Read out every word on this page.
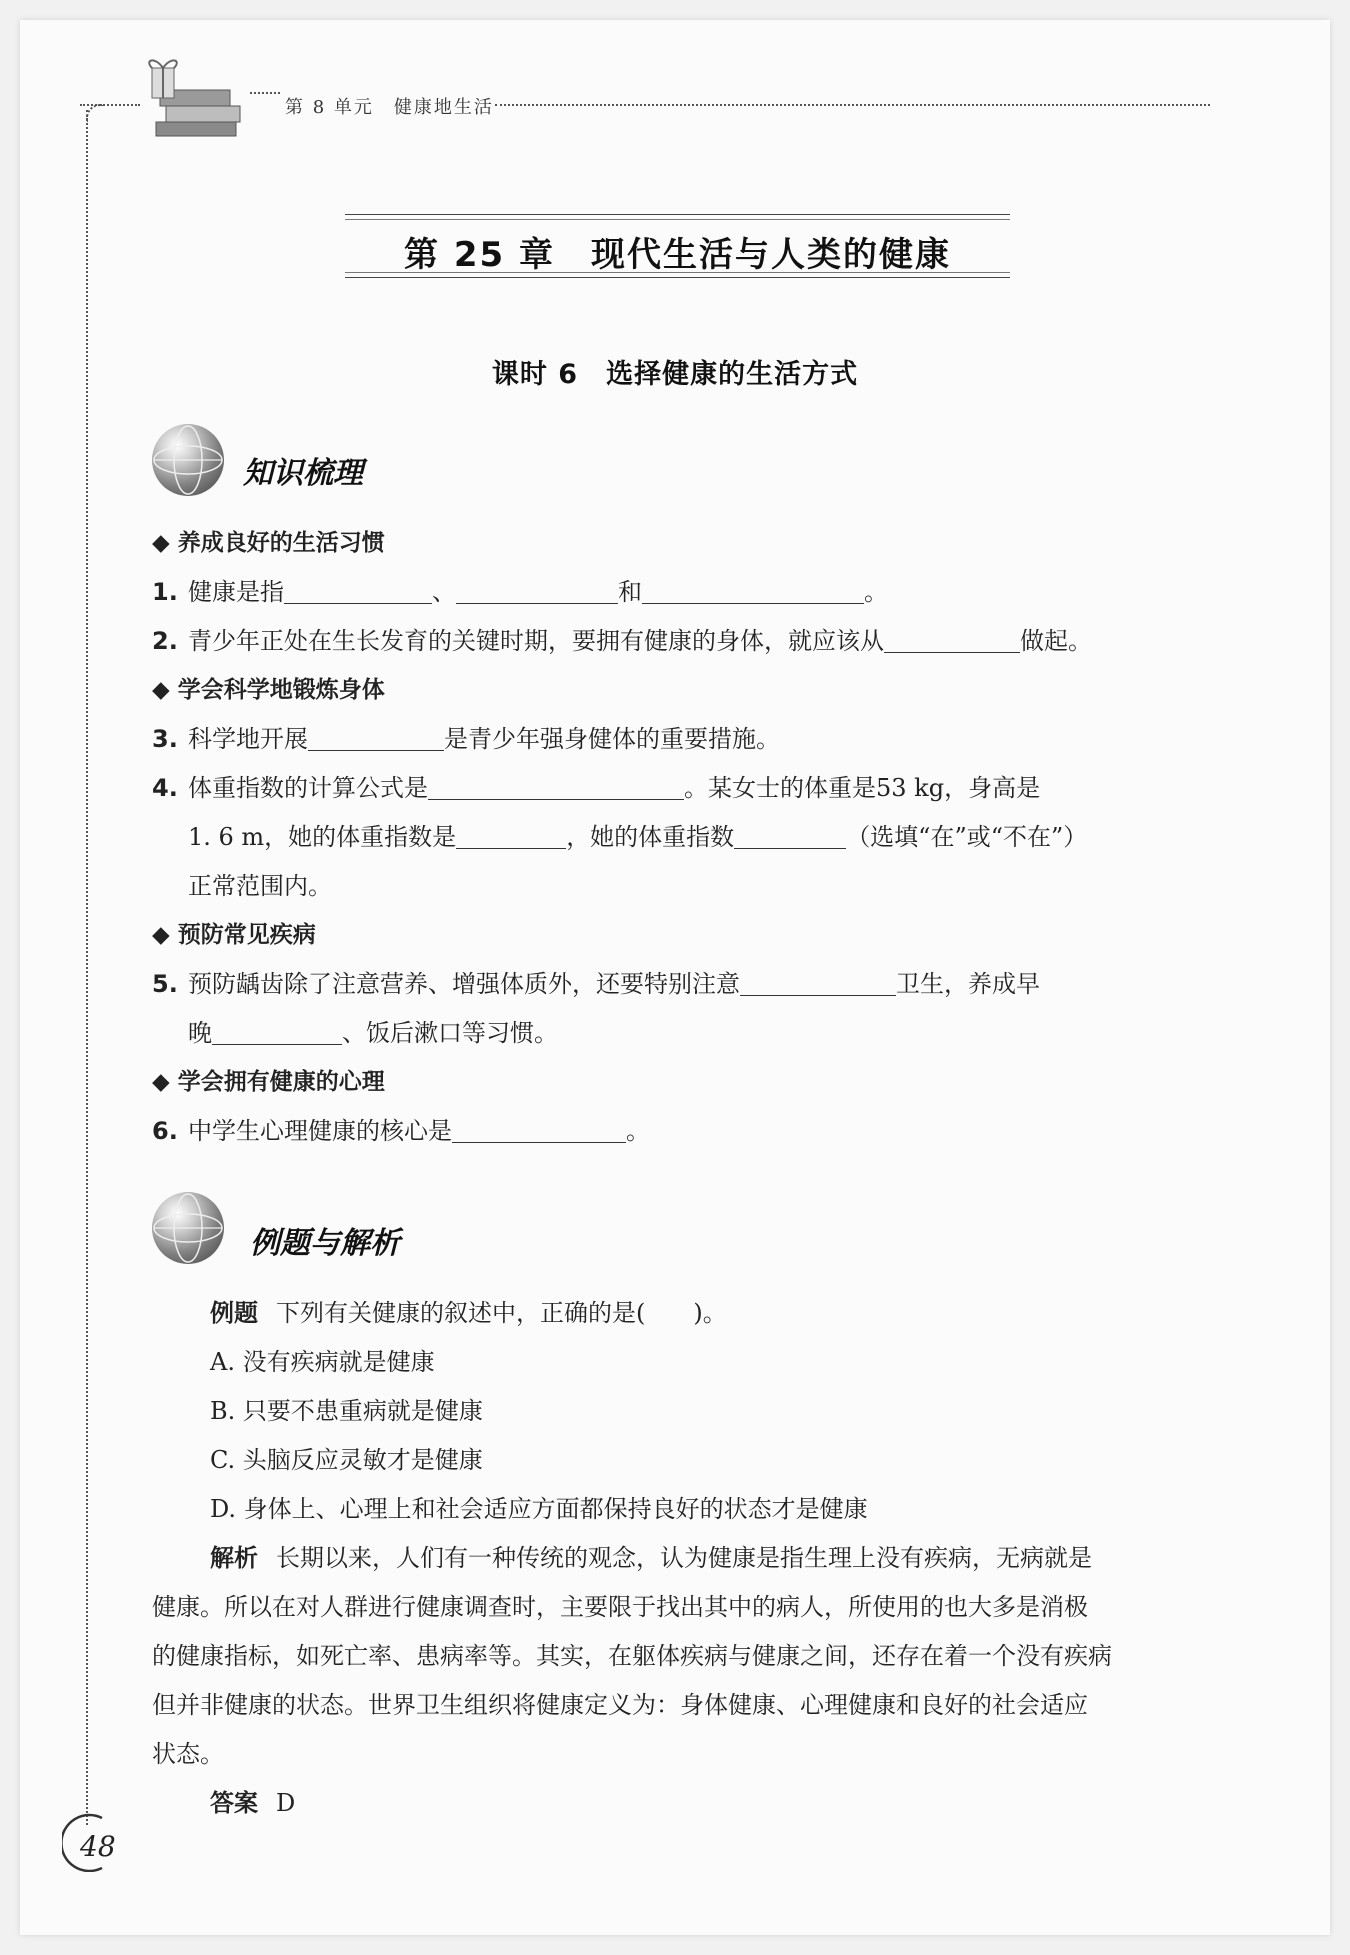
第 8 单元　健康地生活
第 25 章　现代生活与人类的健康
课时 6　选择健康的生活方式
知识梳理
◆ 养成良好的生活习惯
1. 健康是指	、	和	。
2. 青少年正处在生长发育的关键时期，要拥有健康的身体，就应该从	做起。
◆ 学会科学地锻炼身体
3. 科学地开展	是青少年强身健体的重要措施。
4. 体重指数的计算公式是	。某女士的体重是53 kg，身高是
1. 6 m，她的体重指数是	，她的体重指数	（选填“在”或“不在”）
正常范围内。
◆ 预防常见疾病
5. 预防龋齿除了注意营养、增强体质外，还要特别注意	卫生，养成早
晚	、饭后漱口等习惯。
◆ 学会拥有健康的心理
6. 中学生心理健康的核心是	。
例题与解析
例题 下列有关健康的叙述中，正确的是(　　)。
A. 没有疾病就是健康
B. 只要不患重病就是健康
C. 头脑反应灵敏才是健康
D. 身体上、心理上和社会适应方面都保持良好的状态才是健康
解析 长期以来，人们有一种传统的观念，认为健康是指生理上没有疾病，无病就是
健康。所以在对人群进行健康调查时，主要限于找出其中的病人，所使用的也大多是消极
的健康指标，如死亡率、患病率等。其实，在躯体疾病与健康之间，还存在着一个没有疾病
但并非健康的状态。世界卫生组织将健康定义为：身体健康、心理健康和良好的社会适应
状态。
答案 D
48
